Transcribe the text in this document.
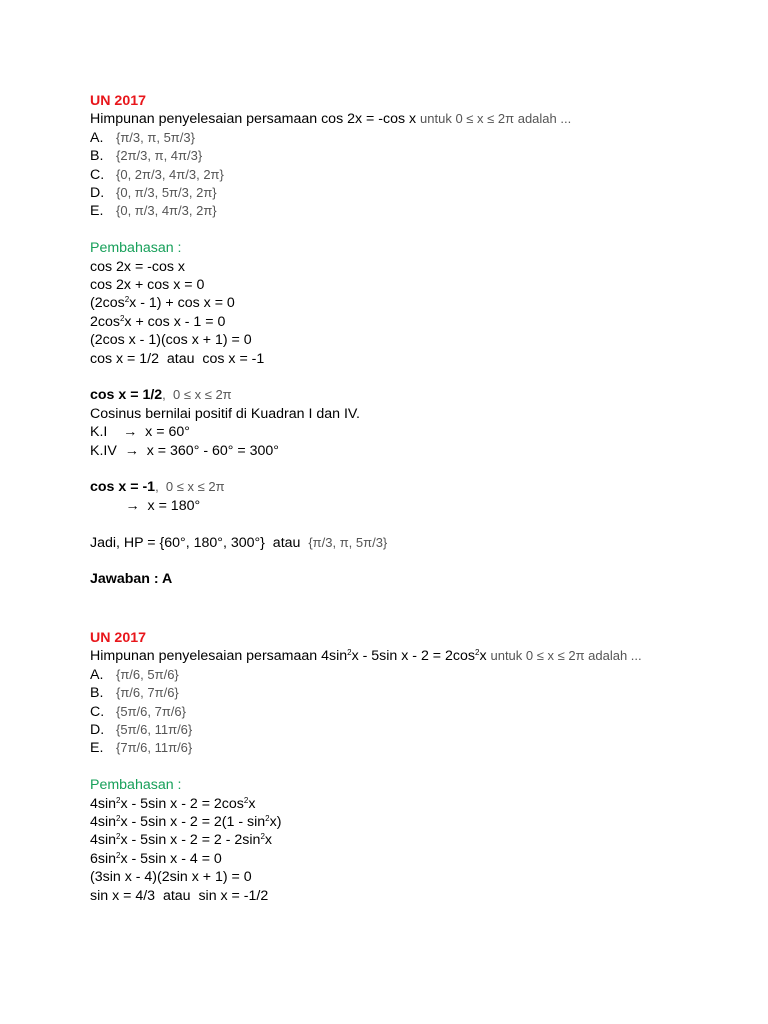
UN 2017
Himpunan penyelesaian persamaan cos 2x = -cos x untuk 0 ≤ x ≤ 2π adalah ...
A. {π/3, π, 5π/3}
B. {2π/3, π, 4π/3}
C. {0, 2π/3, 4π/3, 2π}
D. {0, π/3, 5π/3, 2π}
E. {0, π/3, 4π/3, 2π}
Pembahasan :
cos 2x = -cos x
cos 2x + cos x = 0
$(2\cos^2x - 1) + \cos x = 0$
$2\cos^2x + \cos x - 1 = 0$
(2cos x - 1)(cos x + 1) = 0
cos x = 1/2  atau  cos x = -1
cos x = 1/2,  0 ≤ x ≤ 2π
Cosinus bernilai positif di Kuadran I dan IV.
K.I    →  x = 60°
K.IV  →  x = 360° - 60° = 300°
cos x = -1,  0 ≤ x ≤ 2π
→  x = 180°
Jadi, HP = {60°, 180°, 300°}  atau  {π/3, π, 5π/3}
Jawaban : A
UN 2017
Himpunan penyelesaian persamaan $4\sin^2x - 5\sin$ $x - 2 = 2\cos^2x$ untuk 0 ≤ x ≤ 2π adalah ...
A. {π/6, 5π/6}
B. {π/6, 7π/6}
C. {5π/6, 7π/6}
D. {5π/6, 11π/6}
E. {7π/6, 11π/6}
Pembahasan :
$4\sin^2x - 5\sin$ $x - 2 = 2\cos^2x$
$4\sin^2x - 5\sin$ $x - 2 = 2(1 - \sin^2x)$
$4\sin^2x - 5\sin$ $x - 2 = 2 - 2\sin^2x$
$6\sin^2x - 5\sin$ x - 4 = 0
(3sin x - 4)(2sin x + 1) = 0
sin x = 4/3  atau  sin x = -1/2
